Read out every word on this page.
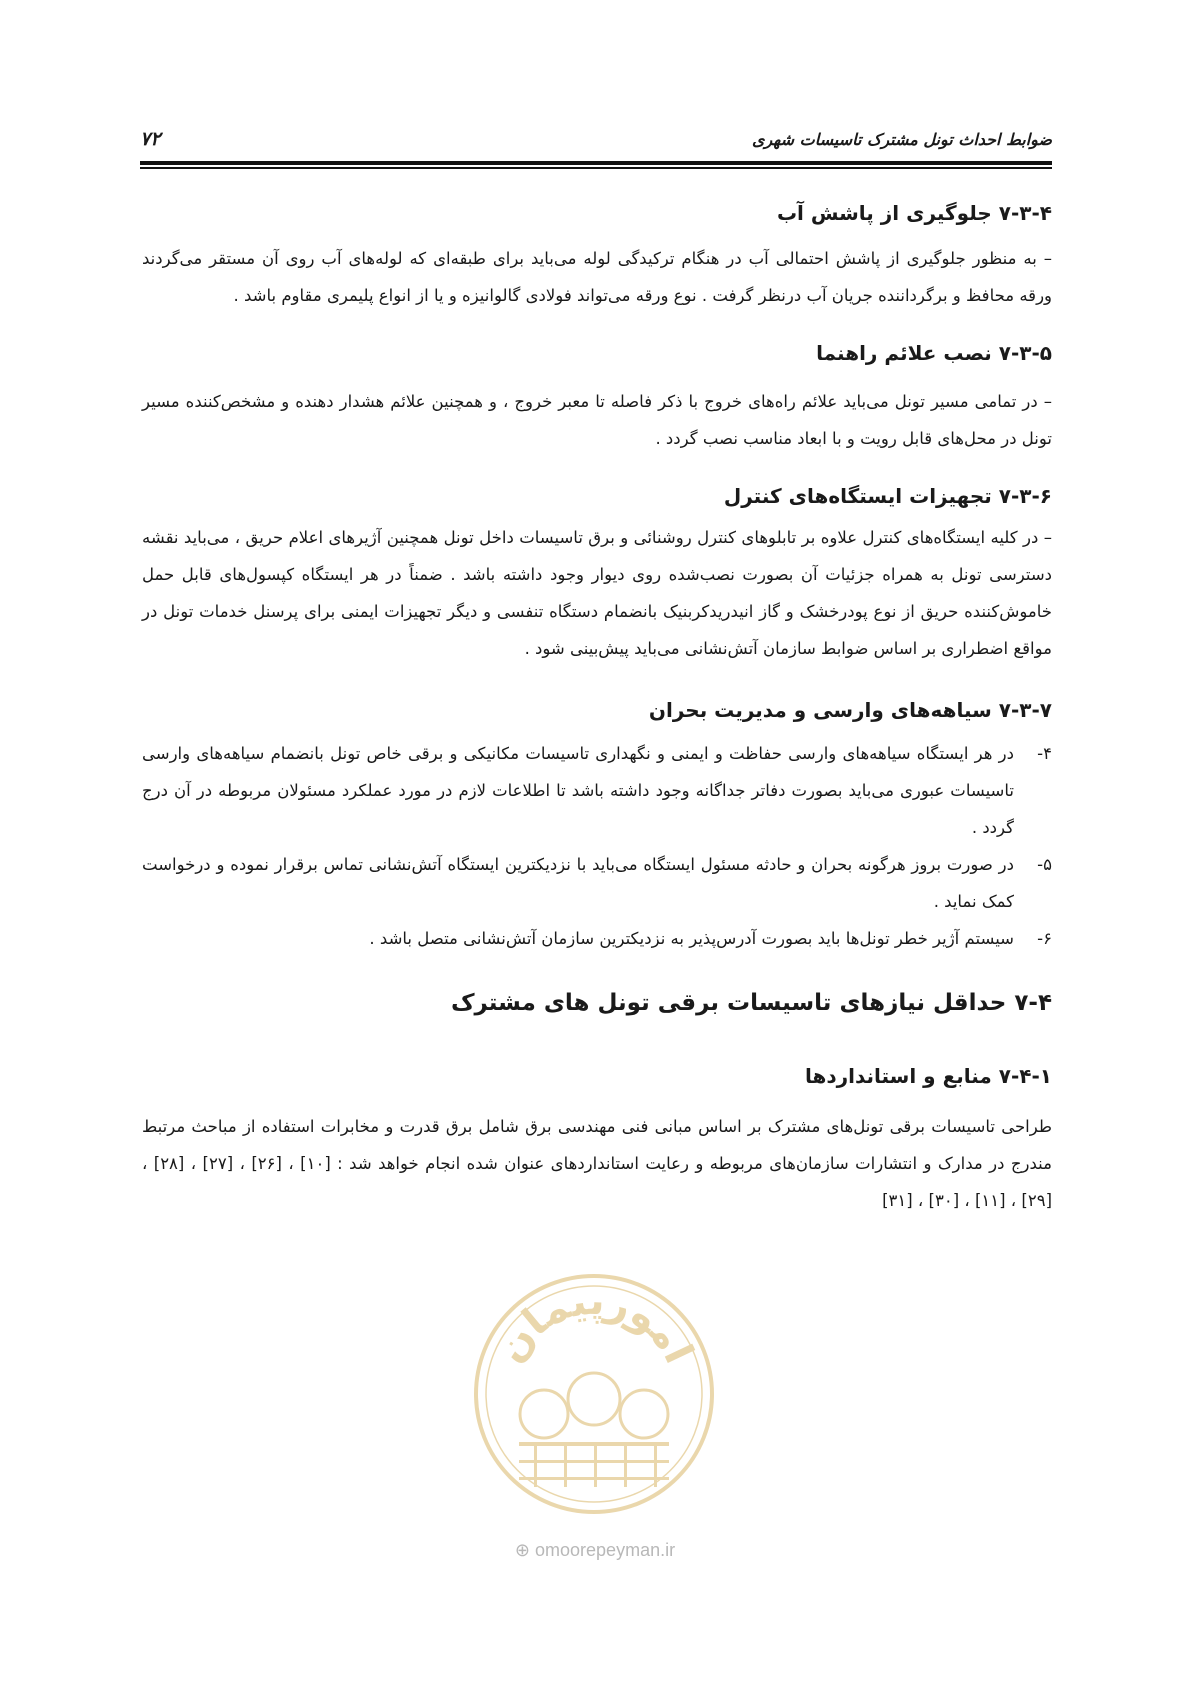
۷۲	ضوابط احداث تونل مشترک تاسیسات شهری
۷-۳-۴ جلوگیری از پاشش آب

– به منظور جلوگیری از پاشش احتمالی آب در هنگام ترکیدگی لوله می‌باید برای طبقه‌ای که لوله‌های آب روی آن مستقر می‌گردند ورقه محافظ و برگرداننده جریان آب درنظر گرفت . نوع ورقه می‌تواند فولادی گالوانیزه و یا از انواع پلیمری مقاوم باشد .

۷-۳-۵ نصب علائم راهنما

– در تمامی مسیر تونل می‌باید علائم راه‌های خروج با ذکر فاصله تا معبر خروج ، و همچنین علائم هشدار دهنده و مشخص‌کننده مسیر تونل در محل‌های قابل رویت و با ابعاد مناسب نصب گردد .

۷-۳-۶ تجهیزات ایستگاه‌های کنترل

– در کلیه ایستگاه‌های کنترل علاوه بر تابلوهای کنترل روشنائی و برق تاسیسات داخل تونل همچنین آژیرهای اعلام حریق ، می‌باید نقشه دسترسی تونل به همراه جزئیات آن بصورت نصب‌شده روی دیوار وجود داشته باشد . ضمناً در هر ایستگاه کپسول‌های قابل حمل خاموش‌کننده حریق از نوع پودرخشک و گاز انیدریدکربنیک بانضمام دستگاه تنفسی و دیگر تجهیزات ایمنی برای پرسنل خدمات تونل در مواقع اضطراری بر اساس ضوابط سازمان آتش‌نشانی می‌باید پیش‌بینی شود .

۷-۳-۷ سیاهه‌های وارسی و مدیریت بحران
۴-
در هر ایستگاه سیاهه‌های وارسی حفاظت و ایمنی و نگهداری تاسیسات مکانیکی و برقی خاص تونل بانضمام سیاهه‌های وارسی تاسیسات عبوری می‌باید بصورت دفاتر جداگانه وجود داشته باشد تا اطلاعات لازم در مورد عملکرد مسئولان مربوطه در آن درج گردد .
۵-
در صورت بروز هرگونه بحران و حادثه مسئول ایستگاه می‌باید با نزدیکترین ایستگاه آتش‌نشانی تماس برقرار نموده و درخواست کمک نماید .
۶-
سیستم آژیر خطر تونل‌ها باید بصورت آدرس‌پذیر به نزدیکترین سازمان آتش‌نشانی متصل باشد .
۷-۴ حداقل نیازهای تاسیسات برقی تونل های مشترک
۷-۴-۱ منابع و استانداردها

طراحی تاسیسات برقی تونل‌های مشترک بر اساس مبانی فنی مهندسی برق شامل برق قدرت و مخابرات استفاده از مباحث مرتبط مندرج در مدارک و انتشارات سازمان‌های مربوطه و رعایت استانداردهای عنوان شده انجام خواهد شد : [۱۰] ، [۲۶] ، [۲۷] ، [۲۸] ، [۲۹] ، [۱۱] ، [۳۰] ، [۳۱]

امورپیمان
⊕ omoorepeyman.ir
